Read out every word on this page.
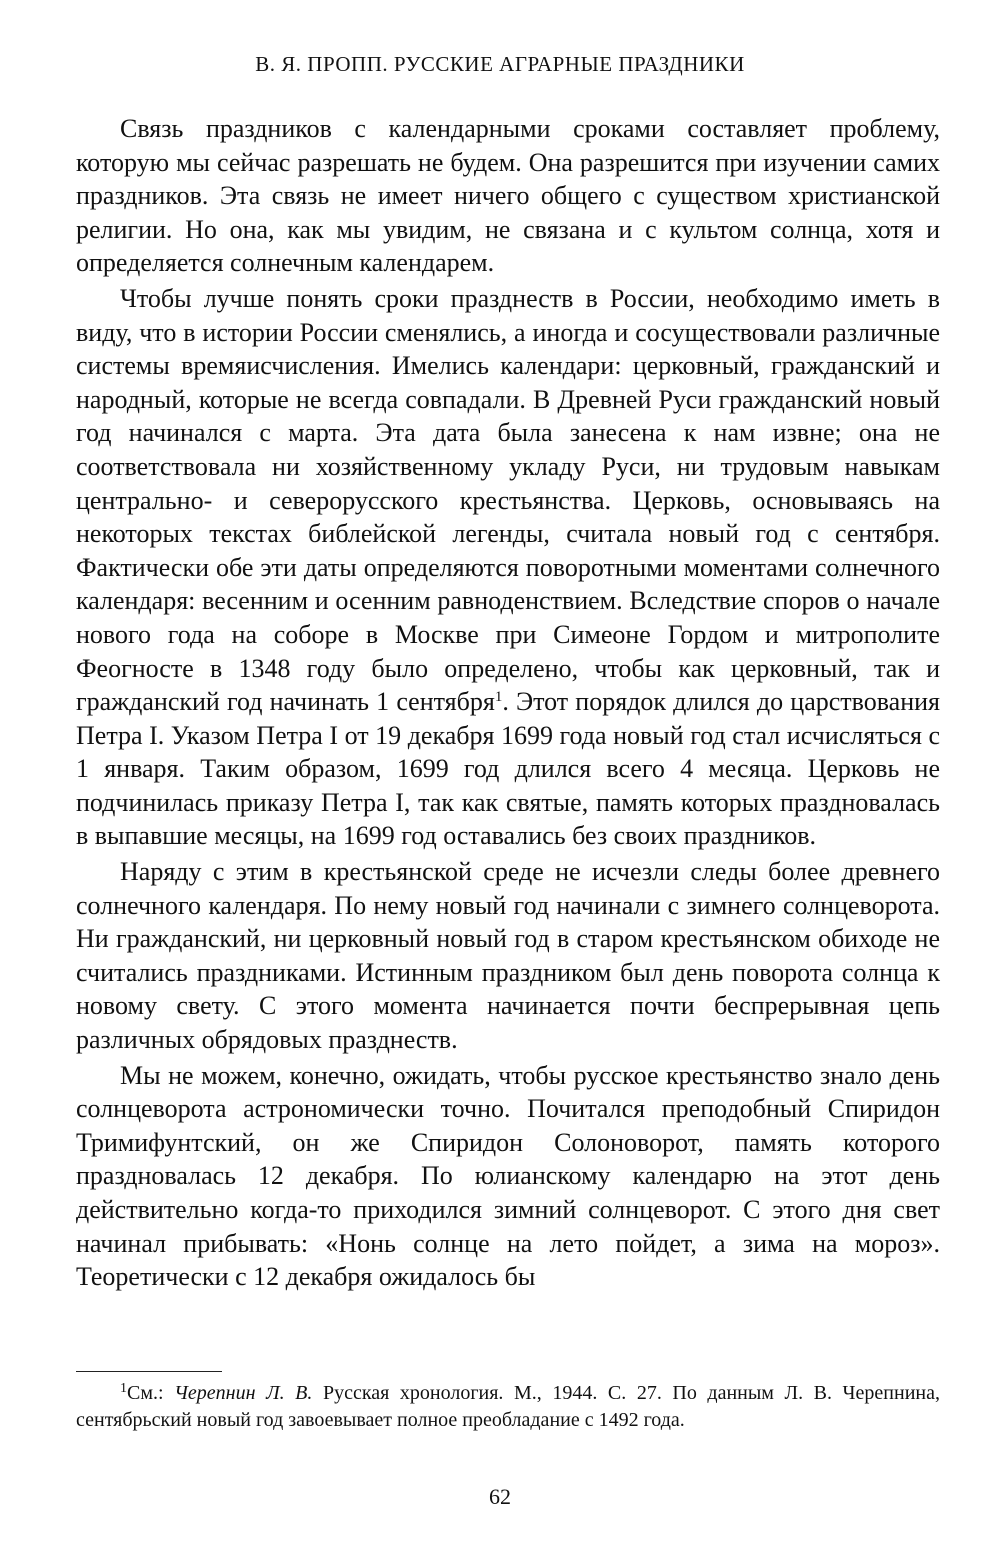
В. Я. ПРОПП. РУССКИЕ АГРАРНЫЕ ПРАЗДНИКИ

Связь праздников с календарными сроками составляет проблему, которую мы сейчас разрешать не будем. Она разрешится при изучении самих праздников. Эта связь не имеет ничего общего с существом христианской религии. Но она, как мы увидим, не связана и с культом солнца, хотя и определяется солнечным календарем.

Чтобы лучше понять сроки празднеств в России, необходимо иметь в виду, что в истории России сменялись, а иногда и сосуществовали различные системы времяисчисления. Имелись календари: церковный, гражданский и народный, которые не всегда совпадали. В Древней Руси гражданский новый год начинался с марта. Эта дата была занесена к нам извне; она не соответствовала ни хозяйственному укладу Руси, ни трудовым навыкам центрально- и северорусского крестьянства. Церковь, основываясь на некоторых текстах библейской легенды, считала новый год с сентября. Фактически обе эти даты определяются поворотными моментами солнечного календаря: весенним и осенним равноденствием. Вследствие споров о начале нового года на соборе в Москве при Симеоне Гордом и митрополите Феогносте в 1348 году было определено, чтобы как церковный, так и гражданский год начинать 1 сентября$^1$. Этот порядок длился до царствования Петра I. Указом Петра I от 19 декабря 1699 года новый год стал исчисляться с 1 января. Таким образом, 1699 год длился всего 4 месяца. Церковь не подчинилась приказу Петра I, так как святые, память которых праздновалась в выпавшие месяцы, на 1699 год оставались без своих праздников.

Наряду с этим в крестьянской среде не исчезли следы более древнего солнечного календаря. По нему новый год начинали с зимнего солнцеворота. Ни гражданский, ни церковный новый год в старом крестьянском обиходе не считались праздниками. Истинным праздником был день поворота солнца к новому свету. С этого момента начинается почти беспрерывная цепь различных обрядовых празднеств.

Мы не можем, конечно, ожидать, чтобы русское крестьянство знало день солнцеворота астрономически точно. Почитался преподобный Спиридон Тримифунтский, он же Спиридон Солоноворот, память которого праздновалась 12 декабря. По юлианскому календарю на этот день действительно когда-то приходился зимний солнцеворот. С этого дня свет начинал прибывать: «Нонь солнце на лето пойдет, а зима на мороз». Теоретически с 12 декабря ожидалось бы

$^1$См.: Черепнин Л. В. Русская хронология. М., 1944. С. 27. По данным Л. В. Черепнина, сентябрьский новый год завоевывает полное преобладание с 1492 года.
62
